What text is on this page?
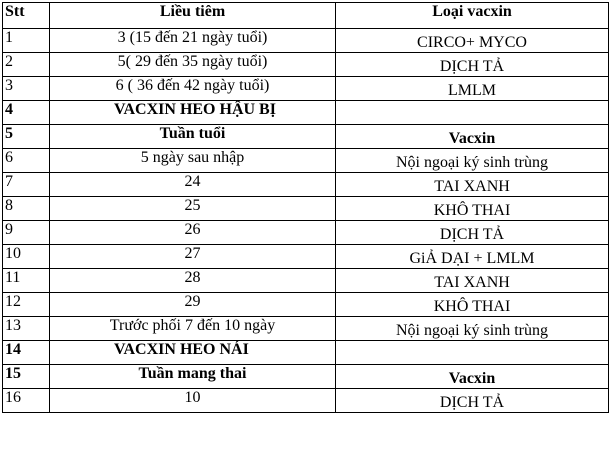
Stt	Liều tiêm	Loại vacxin
1	3 (15 đến 21 ngày tuổi)	CIRCO+ MYCO
2	5( 29 đến 35 ngày tuổi)	DỊCH TẢ
3	6 ( 36 đến 42 ngày tuổi)	LMLM
4	VACXIN HEO HẬU BỊ	
5	Tuần tuổi	Vacxin
6	5 ngày sau nhập	Nội ngoại ký sinh trùng
7	24	TAI XANH
8	25	KHÔ THAI
9	26	DỊCH TẢ
10	27	GiẢ DẠI + LMLM
11	28	TAI XANH
12	29	KHÔ THAI
13	Trước phối 7 đến 10 ngày	Nội ngoại ký sinh trùng
14	VACXIN HEO NÁI	
15	Tuần mang thai	Vacxin
16	10	DỊCH TẢ
